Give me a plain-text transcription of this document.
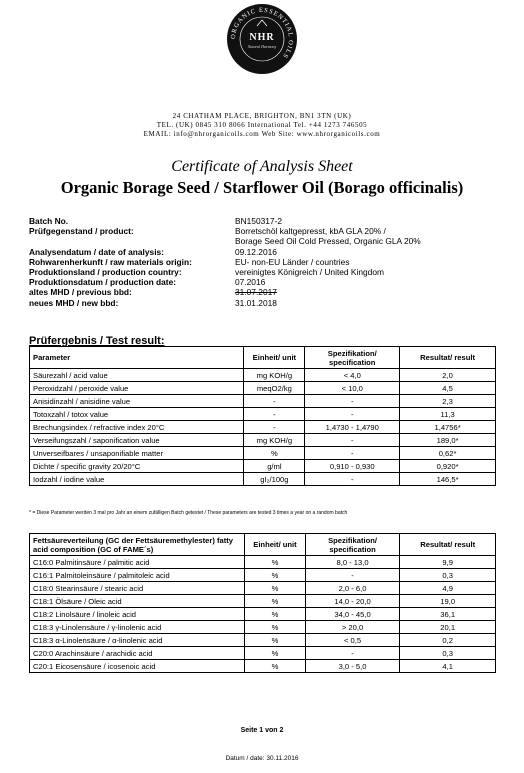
ORGANIC ESSENTIAL OILS
NHR
Natural Harmony
24 CHATHAM PLACE, BRIGHTON, BN1 3TN (UK)
TEL. (UK) 0845 310 8066 International Tel. +44 1273 746505
EMAIL: info@nhrorganicoils.com Web Site: www.nhrorganicoils.com
Certificate of Analysis Sheet
Organic Borage Seed / Starflower Oil (Borago officinalis)
Batch No.	BN150317-2
Prüfgegenstand / product:	Borretschöl kaltgepresst, kbA GLA 20% /
Borage Seed Oil Cold Pressed, Organic GLA 20%
Analysendatum / date of analysis:	09.12.2016
Rohwarenherkunft / raw materials origin:	EU- non-EU Länder / countries
Produktionsland / production country:	vereinigtes Königreich / United Kingdom
Produktionsdatum / production date:	07.2016
altes MHD / previous bbd:	31.07.2017
neues MHD / new bbd:	31.01.2018
Prüfergebnis / Test result:
Parameter	Einheit/ unit	Spezifikation/ specification	Resultat/ result
Säurezahl / acid value	mg KOH/g	< 4,0	2,0
Peroxidzahl / peroxide value	meqO2/kg	< 10,0	4,5
Anisidinzahl / anisidine value	-	-	2,3
Totoxzahl / totox value	-	-	11,3
Brechungsindex / refractive index 20°C	-	1,4730 - 1,4790	1,4756*
Verseifungszahl / saponification value	mg KOH/g	-	189,0*
Unverseifbares / unsaponifiable matter	%	-	0,62*
Dichte / specific gravity 20/20°C	g/ml	0,910 - 0,930	0,920*
Iodzahl / iodine value	gI₂/100g	-	146,5*
* = Diese Parameter werden 3 mal pro Jahr an einem zufälligen Batch getestet / These parameters are tested 3 times a year on a random batch
Fettsäureverteilung (GC der Fettsäuremethylester) fatty acid composition (GC of FAME´s)	Einheit/ unit	Spezifikation/ specification	Resultat/ result
C16:0 Palmitinsäure / palmitic acid	%	8,0 - 13,0	9,9
C16:1 Palmitoleinsäure / palmitoleic acid	%	-	0,3
C18:0 Stearinsäure / stearic acid	%	2,0 - 6,0	4,9
C18:1 Ölsäure / Oleic acid	%	14,0 - 20,0	19,0
C18:2 Linolsäure / linoleic acid	%	34,0 - 45,0	36,1
C18:3 γ-Linolensäure / γ-linolenic acid	%	> 20,0	20,1
C18:3 α-Linolensäure / α-linolenic acid	%	< 0,5	0,2
C20:0 Arachinsäure / arachidic acid	%	-	0,3
C20:1 Eicosensäure / icosenoic acid	%	3,0 - 5,0	4,1
Seite 1 von 2
Datum / date: 30.11.2016
